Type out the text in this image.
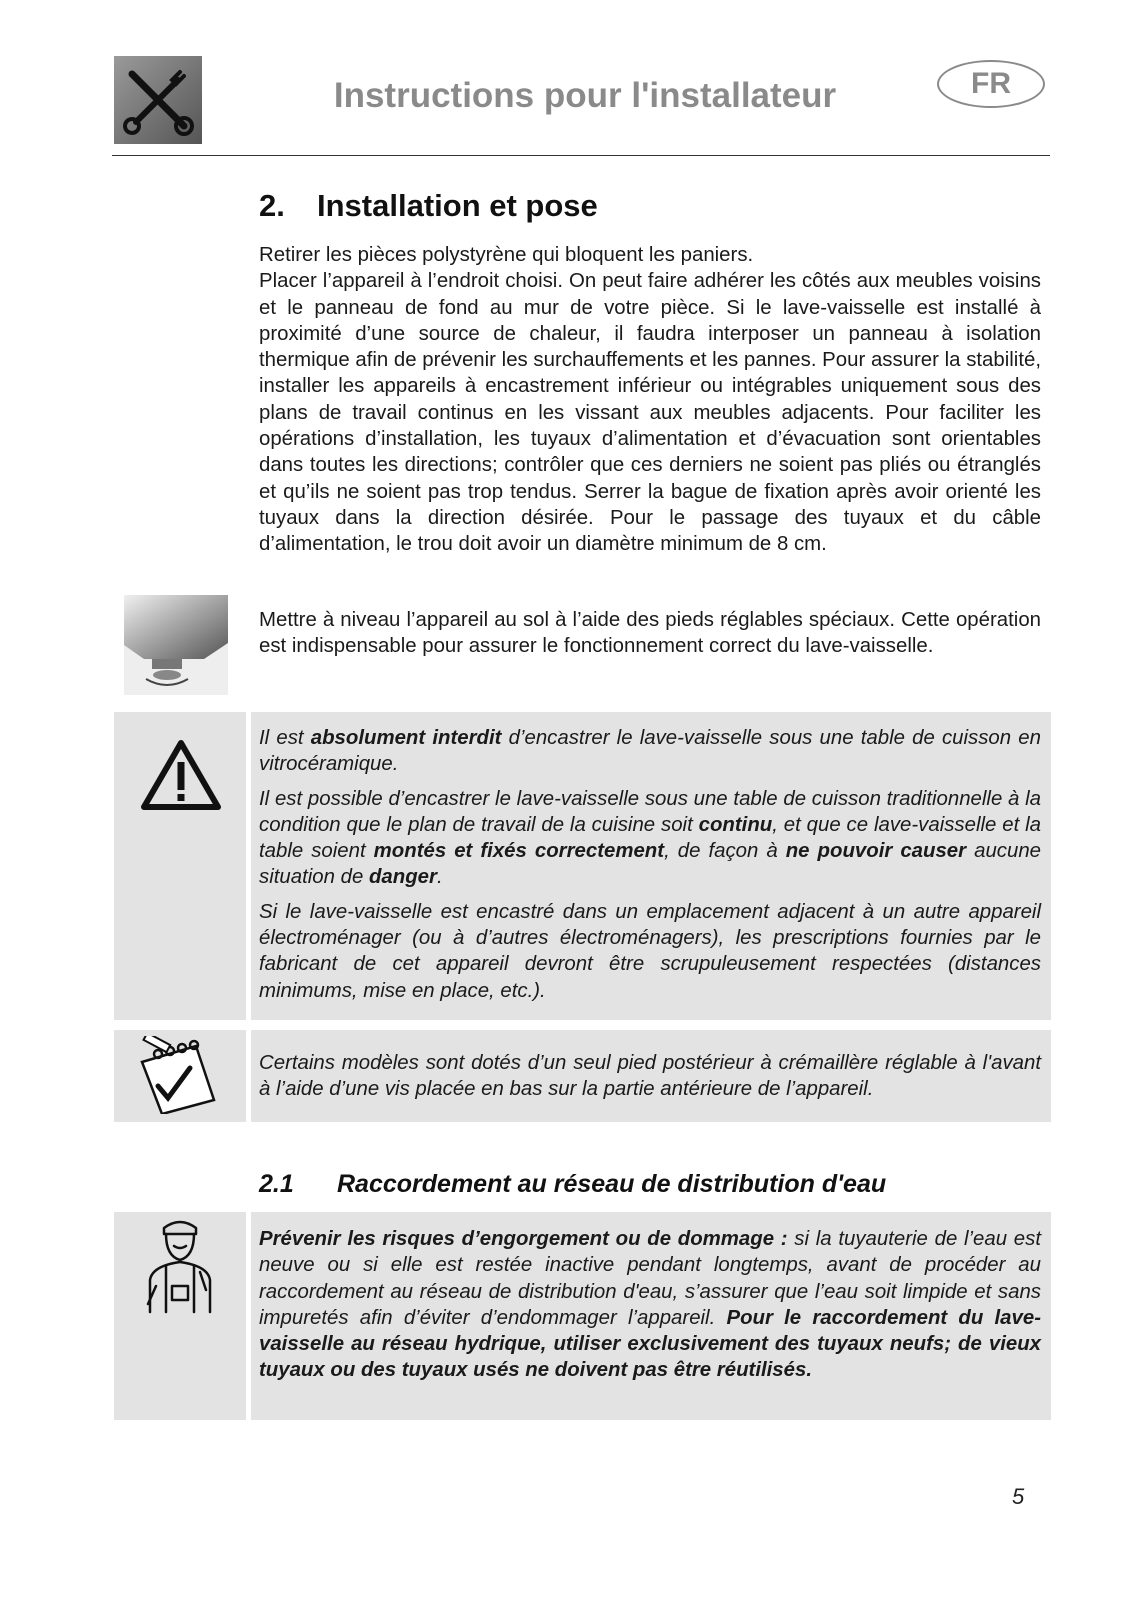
Instructions pour l'installateur	FR
2. Installation et pose

Retirer les pièces polystyrène qui bloquent les paniers.

Placer l’appareil à l’endroit choisi. On peut faire adhérer les côtés aux meubles voisins et le panneau de fond au mur de votre pièce. Si le lave-vaisselle est installé à proximité d’une source de chaleur, il faudra interposer un panneau à isolation thermique afin de prévenir les surchauffements et les pannes. Pour assurer la stabilité, installer les appareils à encastrement inférieur ou intégrables uniquement sous des plans de travail continus en les vissant aux meubles adjacents. Pour faciliter les opérations d’installation, les tuyaux d’alimentation et d’évacuation sont orientables dans toutes les directions; contrôler que ces derniers ne soient pas pliés ou étranglés et qu’ils ne soient pas trop tendus. Serrer la bague de fixation après avoir orienté les tuyaux dans la direction désirée. Pour le passage des tuyaux et du câble d’alimentation, le trou doit avoir un diamètre minimum de 8 cm.

Mettre à niveau l’appareil au sol à l’aide des pieds réglables spéciaux. Cette opération est indispensable pour assurer le fonctionnement correct du lave-vaisselle.

Il est absolument interdit d’encastrer le lave-vaisselle sous une table de cuisson en vitrocéramique.

Il est possible d’encastrer le lave-vaisselle sous une table de cuisson traditionnelle à la condition que le plan de travail de la cuisine soit continu, et que ce lave-vaisselle et la table soient montés et fixés correctement, de façon à ne pouvoir causer aucune situation de danger.

Si le lave-vaisselle est encastré dans un emplacement adjacent à un autre appareil électroménager (ou à d’autres électroménagers), les prescriptions fournies par le fabricant de cet appareil devront être scrupuleusement respectées (distances minimums, mise en place, etc.).

Certains modèles sont dotés d’un seul pied postérieur à crémaillère réglable à l'avant à l’aide d’une vis placée en bas sur la partie antérieure de l’appareil.
2.1 Raccordement au réseau de distribution d'eau

Prévenir les risques d’engorgement ou de dommage : si la tuyauterie de l’eau est neuve ou si elle est restée inactive pendant longtemps, avant de procéder au raccordement au réseau de distribution d'eau, s’assurer que l’eau soit limpide et sans impuretés afin d’éviter d’endommager l’appareil. Pour le raccordement du lave-vaisselle au réseau hydrique, utiliser exclusivement des tuyaux neufs; de vieux tuyaux ou des tuyaux usés ne doivent pas être réutilisés.

5
